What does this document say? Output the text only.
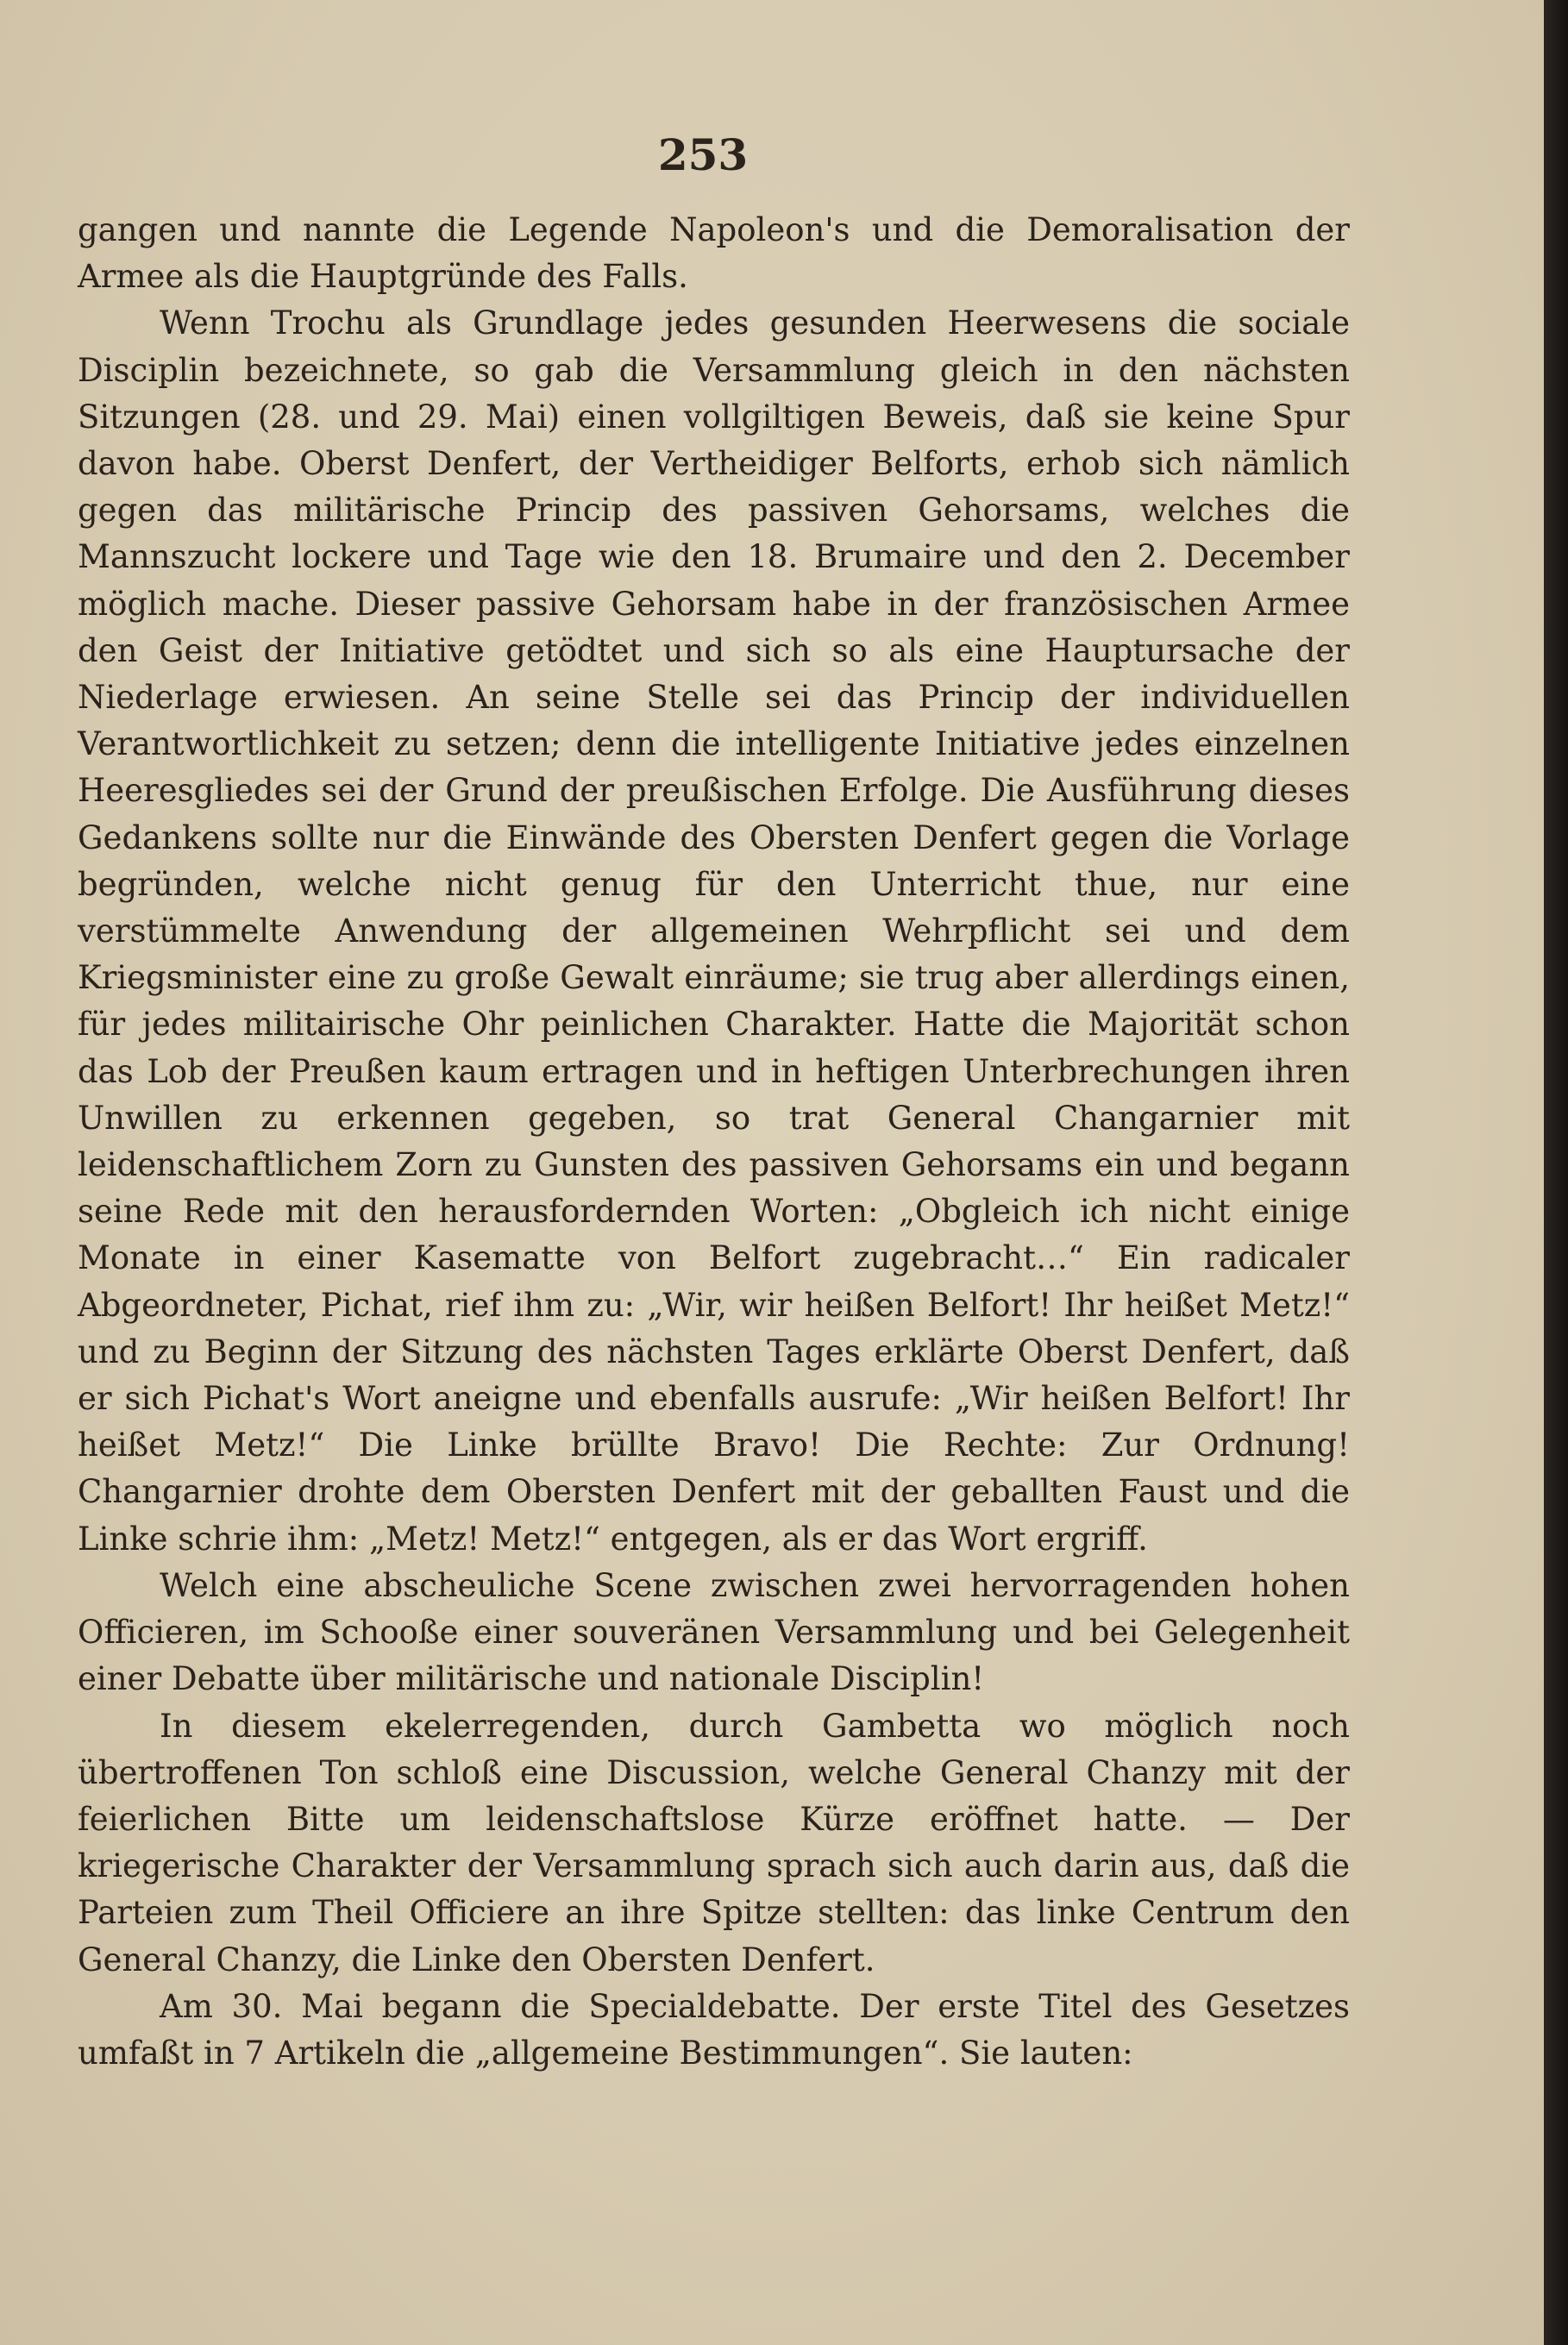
253

gangen und nannte die Legende Napoleon's und die Demoralisation der Armee als die Hauptgründe des Falls.

Wenn Trochu als Grundlage jedes gesunden Heerwesens die sociale Disciplin bezeichnete, so gab die Versammlung gleich in den nächsten Sitzungen (28. und 29. Mai) einen vollgiltigen Beweis, daß sie keine Spur davon habe. Oberst Denfert, der Vertheidiger Belforts, erhob sich nämlich gegen das militärische Princip des passiven Gehorsams, welches die Mannszucht lockere und Tage wie den 18. Brumaire und den 2. December möglich mache. Dieser passive Gehorsam habe in der französischen Armee den Geist der Initiative getödtet und sich so als eine Hauptursache der Niederlage erwiesen. An seine Stelle sei das Princip der individuellen Verantwortlichkeit zu setzen; denn die intelligente Initiative jedes einzelnen Heeresgliedes sei der Grund der preußischen Erfolge. Die Ausführung dieses Gedankens sollte nur die Einwände des Obersten Denfert gegen die Vorlage begründen, welche nicht genug für den Unterricht thue, nur eine verstümmelte Anwendung der allgemeinen Wehrpflicht sei und dem Kriegsminister eine zu große Gewalt einräume; sie trug aber allerdings einen, für jedes militairische Ohr peinlichen Charakter. Hatte die Majorität schon das Lob der Preußen kaum ertragen und in heftigen Unterbrechungen ihren Unwillen zu erkennen gegeben, so trat General Changarnier mit leidenschaftlichem Zorn zu Gunsten des passiven Gehorsams ein und begann seine Rede mit den herausfordernden Worten: „Obgleich ich nicht einige Monate in einer Kasematte von Belfort zugebracht…“ Ein radicaler Abgeordneter, Pichat, rief ihm zu: „Wir, wir heißen Belfort! Ihr heißet Metz!“ und zu Beginn der Sitzung des nächsten Tages erklärte Oberst Denfert, daß er sich Pichat's Wort aneigne und ebenfalls ausrufe: „Wir heißen Belfort! Ihr heißet Metz!“ Die Linke brüllte Bravo! Die Rechte: Zur Ordnung! Changarnier drohte dem Obersten Denfert mit der geballten Faust und die Linke schrie ihm: „Metz! Metz!“ entgegen, als er das Wort ergriff.

Welch eine abscheuliche Scene zwischen zwei hervorragenden hohen Officieren, im Schooße einer souveränen Versammlung und bei Gelegenheit einer Debatte über militärische und nationale Disciplin!

In diesem ekelerregenden, durch Gambetta wo möglich noch übertroffenen Ton schloß eine Discussion, welche General Chanzy mit der feierlichen Bitte um leidenschaftslose Kürze eröffnet hatte. — Der kriegerische Charakter der Versammlung sprach sich auch darin aus, daß die Parteien zum Theil Officiere an ihre Spitze stellten: das linke Centrum den General Chanzy, die Linke den Obersten Denfert.

Am 30. Mai begann die Specialdebatte. Der erste Titel des Gesetzes umfaßt in 7 Artikeln die „allgemeine Bestimmungen“. Sie lauten:
